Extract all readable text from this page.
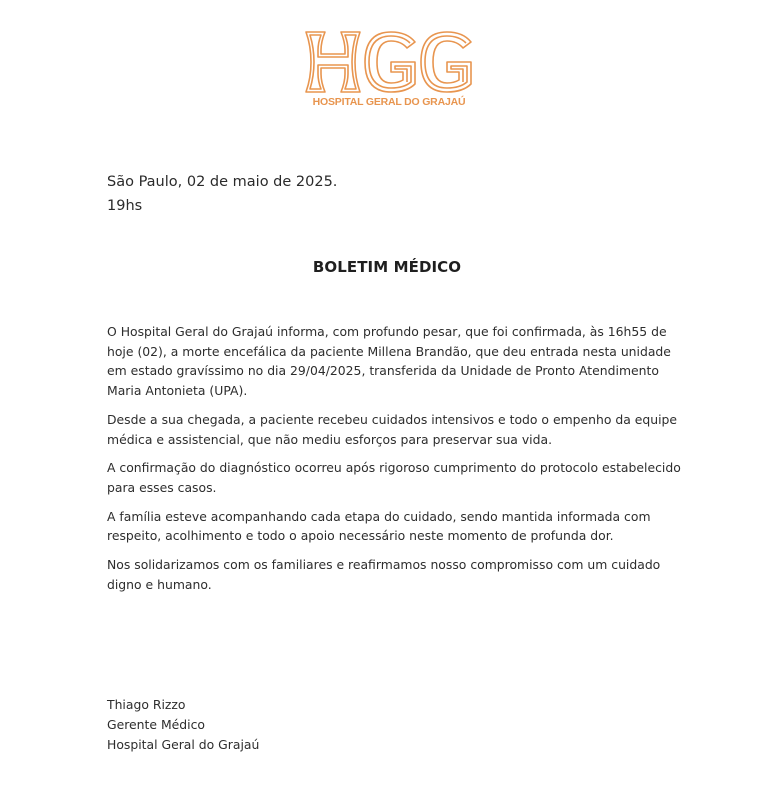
HOSPITAL GERAL DO GRAJAÚ
São Paulo, 02 de maio de 2025.
19hs
BOLETIM MÉDICO

O Hospital Geral do Grajaú informa, com profundo pesar, que foi confirmada, às 16h55 de hoje (02), a morte encefálica da paciente Millena Brandão, que deu entrada nesta unidade em estado gravíssimo no dia 29/04/2025, transferida da Unidade de Pronto Atendimento Maria Antonieta (UPA).

Desde a sua chegada, a paciente recebeu cuidados intensivos e todo o empenho da equipe médica e assistencial, que não mediu esforços para preservar sua vida.

A confirmação do diagnóstico ocorreu após rigoroso cumprimento do protocolo estabelecido para esses casos.

A família esteve acompanhando cada etapa do cuidado, sendo mantida informada com respeito, acolhimento e todo o apoio necessário neste momento de profunda dor.

Nos solidarizamos com os familiares e reafirmamos nosso compromisso com um cuidado digno e humano.

Thiago Rizzo
Gerente Médico
Hospital Geral do Grajaú
